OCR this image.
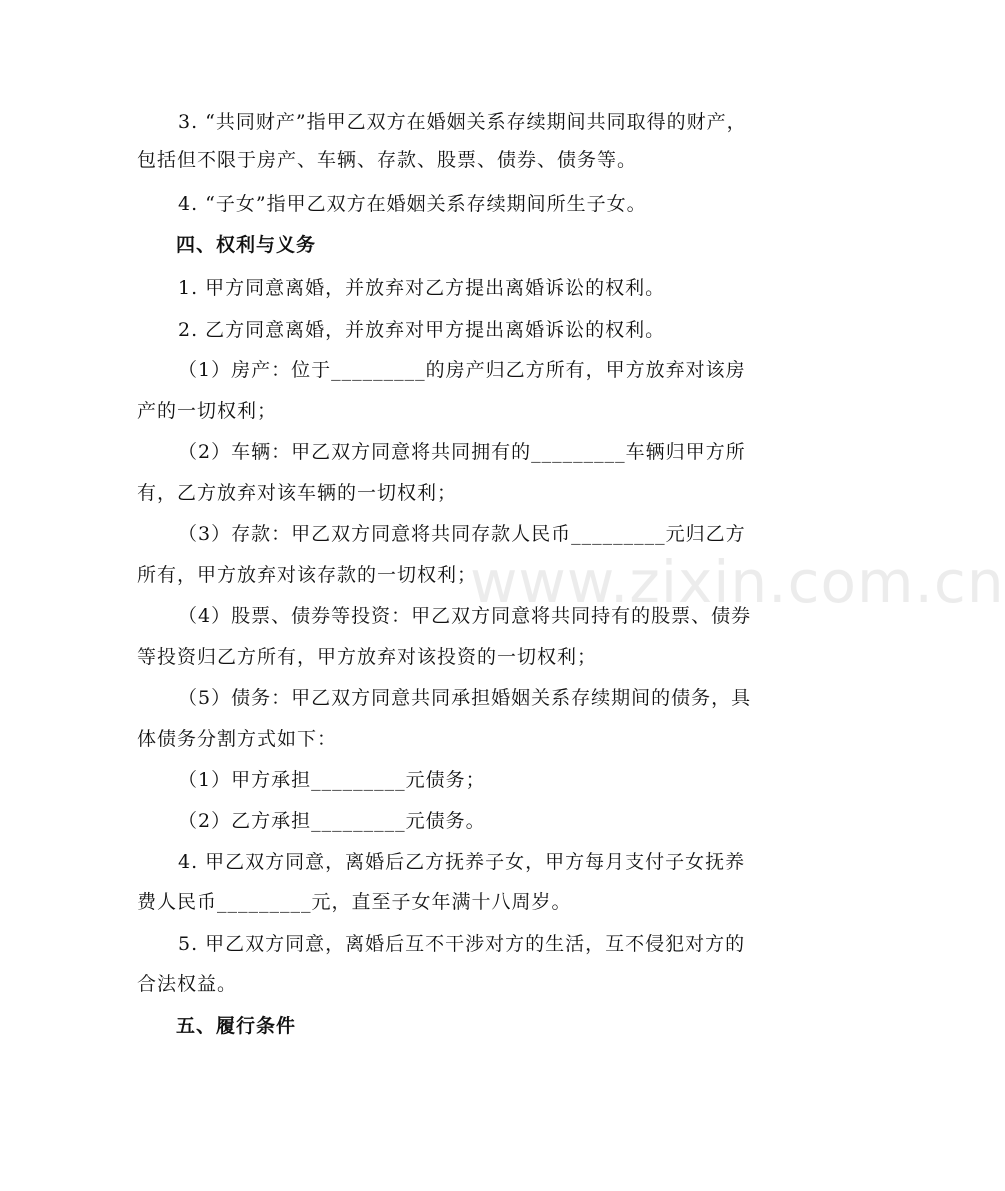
3. “共同财产”指甲乙双方在婚姻关系存续期间共同取得的财产，
包括但不限于房产、车辆、存款、股票、债券、债务等。
4. “子女”指甲乙双方在婚姻关系存续期间所生子女。
四、权利与义务
1. 甲方同意离婚，并放弃对乙方提出离婚诉讼的权利。
2. 乙方同意离婚，并放弃对甲方提出离婚诉讼的权利。
（1）房产：位于_________的房产归乙方所有，甲方放弃对该房
产的一切权利；
（2）车辆：甲乙双方同意将共同拥有的_________车辆归甲方所
有，乙方放弃对该车辆的一切权利；
（3）存款：甲乙双方同意将共同存款人民币_________元归乙方
所有，甲方放弃对该存款的一切权利；
（4）股票、债券等投资：甲乙双方同意将共同持有的股票、债券
等投资归乙方所有，甲方放弃对该投资的一切权利；
（5）债务：甲乙双方同意共同承担婚姻关系存续期间的债务，具
体债务分割方式如下：
（1）甲方承担_________元债务；
（2）乙方承担_________元债务。
4. 甲乙双方同意，离婚后乙方抚养子女，甲方每月支付子女抚养
费人民币_________元，直至子女年满十八周岁。
5. 甲乙双方同意，离婚后互不干涉对方的生活，互不侵犯对方的
合法权益。
五、履行条件
www.zixin.com.cn
